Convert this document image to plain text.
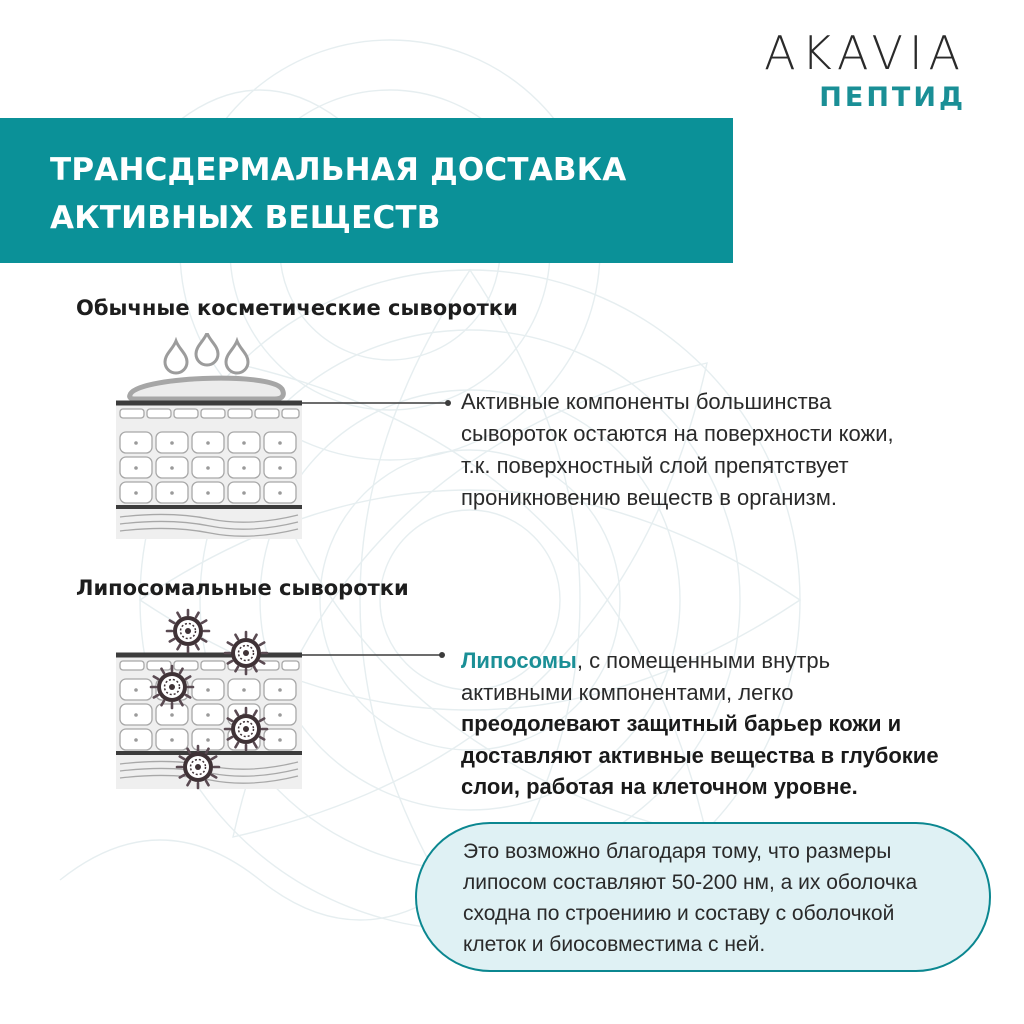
AKAVIA
ПЕПТИД
ТРАНСДЕРМАЛЬНАЯ ДОСТАВКА
АКТИВНЫХ ВЕЩЕСТВ
Обычные косметические сыворотки

Активные компоненты большинства
сывороток остаются на поверхности кожи,
т.к. поверхностный слой препятствует
проникновению веществ в организм.

Липосомальные сыворотки

Липосомы, с помещенными внутрь
активными компонентами, легко
преодолевают защитный барьер кожи и
доставляют активные вещества в глубокие
слои, работая на клеточном уровне.

Это возможно благодаря тому, что размеры
липосом составляют 50-200 нм, а их оболочка
сходна по строениию и составу с оболочкой
клеток и биосовместима с ней.
